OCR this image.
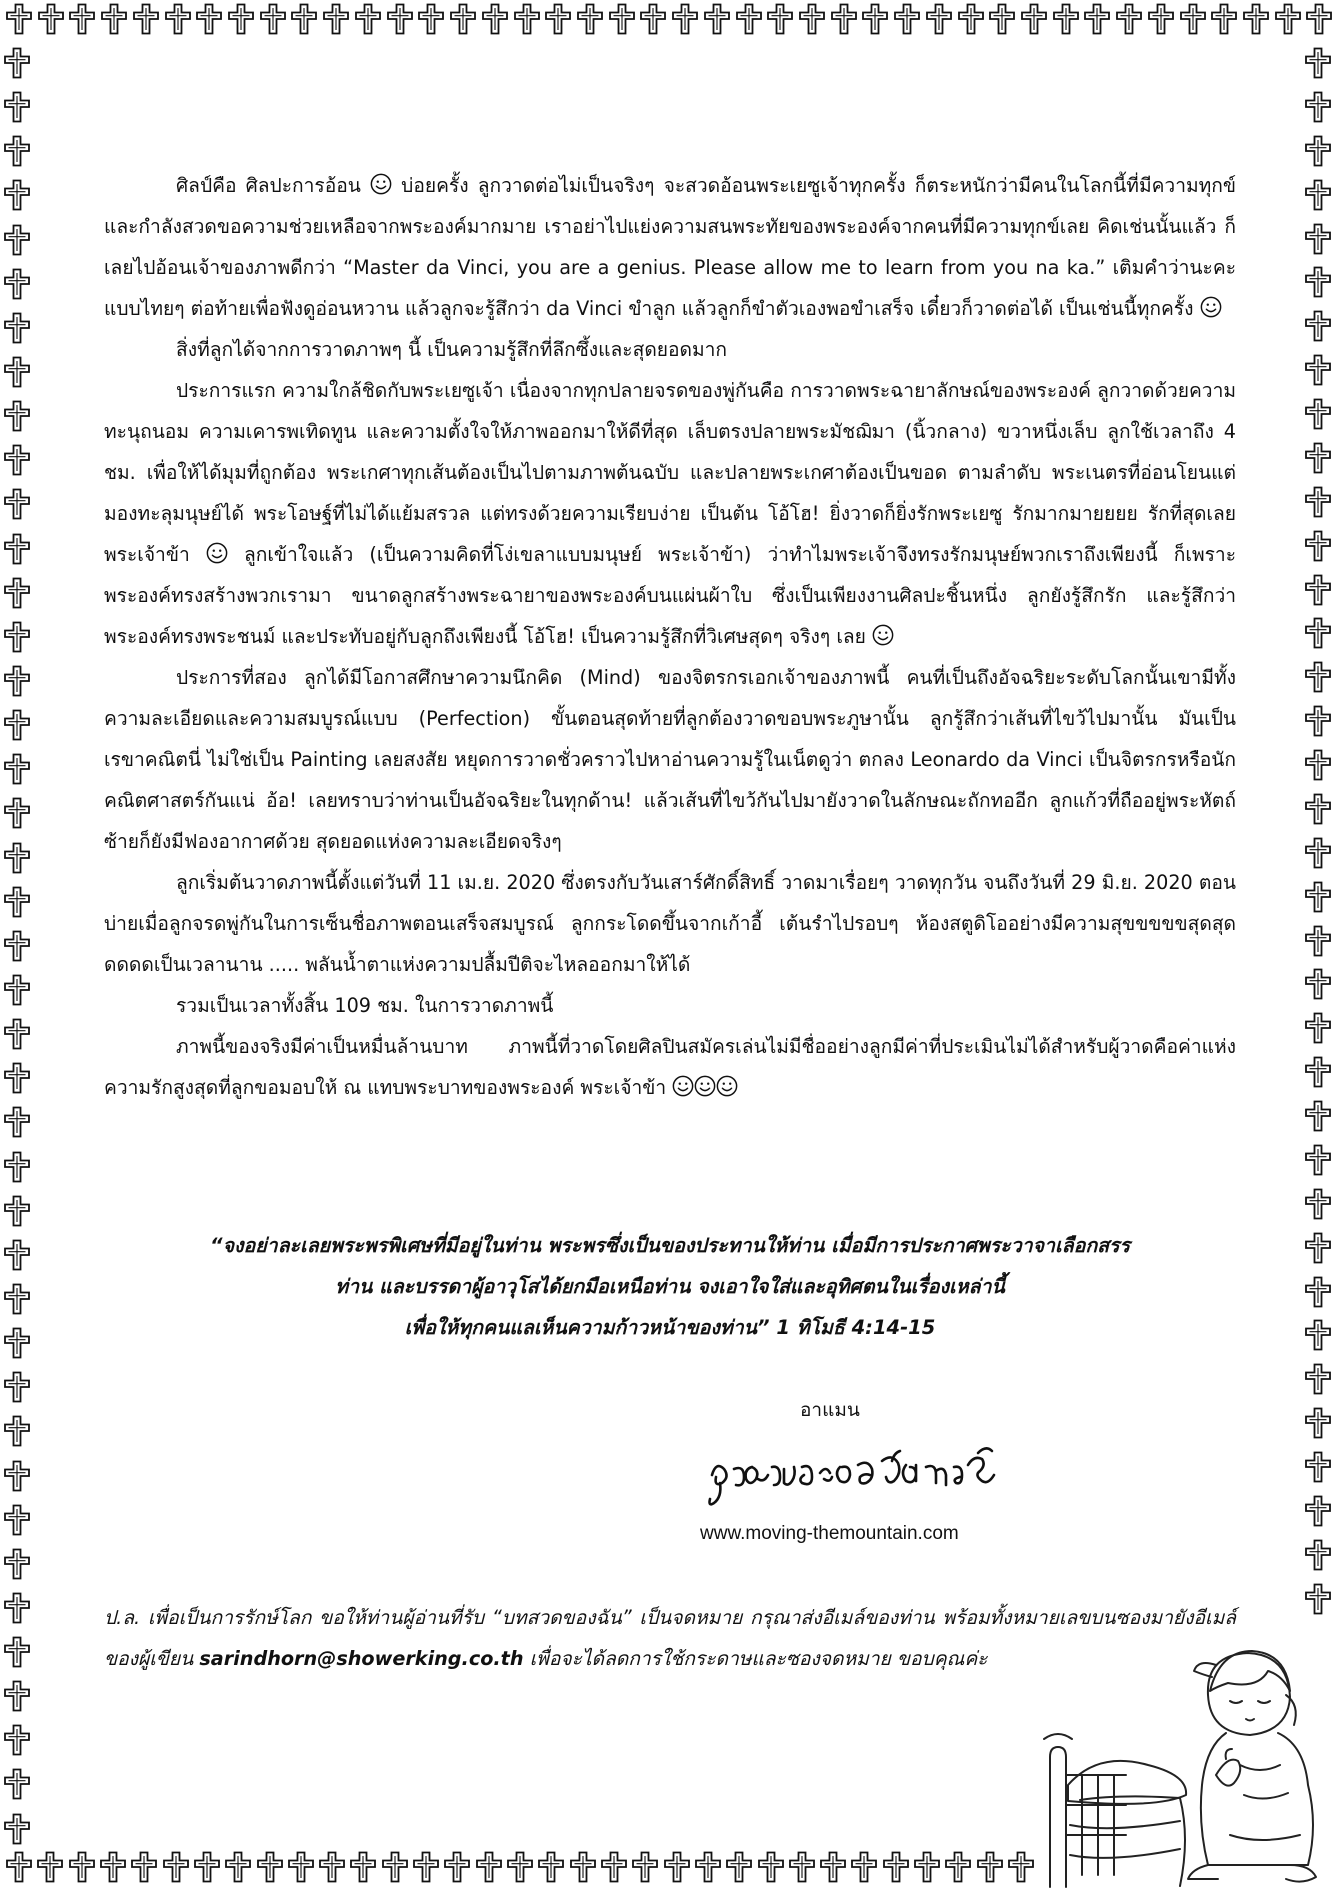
ศิลป์คือ ศิลปะการอ้อน  บ่อยครั้ง ลูกวาดต่อไม่เป็นจริงๆ จะสวดอ้อนพระเยซูเจ้าทุกครั้ง ก็ตระหนักว่ามีคนในโลกนี้ที่มีความทุกข์และกำลังสวดขอความช่วยเหลือจากพระองค์มากมาย เราอย่าไปแย่งความสนพระทัยของพระองค์จากคนที่มีความทุกข์เลย คิดเช่นนั้นแล้ว ก็เลยไปอ้อนเจ้าของภาพดีกว่า “Master da Vinci, you are a genius. Please allow me to learn from you na ka.” เติมคำว่านะคะแบบไทยๆ ต่อท้ายเพื่อฟังดูอ่อนหวาน แล้วลูกจะรู้สึกว่า da Vinci ขำลูก แล้วลูกก็ขำตัวเองพอขำเสร็จ เดี๋ยวก็วาดต่อได้ เป็นเช่นนี้ทุกครั้ง

สิ่งที่ลูกได้จากการวาดภาพๆ นี้ เป็นความรู้สึกที่ลึกซึ้งและสุดยอดมาก

ประการแรก ความใกล้ชิดกับพระเยซูเจ้า เนื่องจากทุกปลายจรดของพู่กันคือ การวาดพระฉายาลักษณ์ของพระองค์ ลูกวาดด้วยความทะนุถนอม ความเคารพเทิดทูน และความตั้งใจให้ภาพออกมาให้ดีที่สุด เล็บตรงปลายพระมัชฌิมา (นิ้วกลาง) ขวาหนึ่งเล็บ ลูกใช้เวลาถึง 4 ชม. เพื่อให้ได้มุมที่ถูกต้อง พระเกศาทุกเส้นต้องเป็นไปตามภาพต้นฉบับ และปลายพระเกศาต้องเป็นขอด ตามลำดับ พระเนตรที่อ่อนโยนแต่มองทะลุมนุษย์ได้ พระโอษฐ์ที่ไม่ได้แย้มสรวล แต่ทรงด้วยความเรียบง่าย เป็นต้น โอ้โฮ! ยิ่งวาดก็ยิ่งรักพระเยซู รักมากมายยยย รักที่สุดเลย พระเจ้าข้า  ลูกเข้าใจแล้ว (เป็นความคิดที่โง่เขลาแบบมนุษย์ พระเจ้าข้า) ว่าทำไมพระเจ้าจึงทรงรักมนุษย์พวกเราถึงเพียงนี้ ก็เพราะพระองค์ทรงสร้างพวกเรามา ขนาดลูกสร้างพระฉายาของพระองค์บนแผ่นผ้าใบ ซึ่งเป็นเพียงงานศิลปะชิ้นหนึ่ง ลูกยังรู้สึกรัก และรู้สึกว่าพระองค์ทรงพระชนม์ และประทับอยู่กับลูกถึงเพียงนี้ โอ้โฮ! เป็นความรู้สึกที่วิเศษสุดๆ จริงๆ เลย

ประการที่สอง ลูกได้มีโอกาสศึกษาความนึกคิด (Mind) ของจิตรกรเอกเจ้าของภาพนี้ คนที่เป็นถึงอัจฉริยะระดับโลกนั้นเขามีทั้งความละเอียดและความสมบูรณ์แบบ (Perfection) ขั้นตอนสุดท้ายที่ลูกต้องวาดขอบพระภูษานั้น ลูกรู้สึกว่าเส้นที่ไขว้ไปมานั้น มันเป็นเรขาคณิตนี่ ไม่ใช่เป็น Painting เลยสงสัย หยุดการวาดชั่วคราวไปหาอ่านความรู้ในเน็ตดูว่า ตกลง Leonardo da Vinci เป็นจิตรกรหรือนักคณิตศาสตร์กันแน่ อ้อ! เลยทราบว่าท่านเป็นอัจฉริยะในทุกด้าน! แล้วเส้นที่ไขว้กันไปมายังวาดในลักษณะถักทออีก ลูกแก้วที่ถืออยู่พระหัตถ์ซ้ายก็ยังมีฟองอากาศด้วย สุดยอดแห่งความละเอียดจริงๆ

ลูกเริ่มต้นวาดภาพนี้ตั้งแต่วันที่ 11 เม.ย. 2020 ซึ่งตรงกับวันเสาร์ศักดิ์สิทธิ์ วาดมาเรื่อยๆ วาดทุกวัน จนถึงวันที่ 29 มิ.ย. 2020 ตอนบ่ายเมื่อลูกจรดพู่กันในการเซ็นชื่อภาพตอนเสร็จสมบูรณ์ ลูกกระโดดขึ้นจากเก้าอี้ เต้นรำไปรอบๆ ห้องสตูดิโออย่างมีความสุขขขขขสุดสุดดดดดเป็นเวลานาน ..... พลันน้ำตาแห่งความปลื้มปีติจะไหลออกมาให้ได้

รวมเป็นเวลาทั้งสิ้น 109 ชม. ในการวาดภาพนี้

ภาพนี้ของจริงมีค่าเป็นหมื่นล้านบาท ภาพนี้ที่วาดโดยศิลปินสมัครเล่นไม่มีชื่ออย่างลูกมีค่าที่ประเมินไม่ได้สำหรับผู้วาดคือค่าแห่งความรักสูงสุดที่ลูกขอมอบให้ ณ แทบพระบาทของพระองค์ พระเจ้าข้า

“จงอย่าละเลยพระพรพิเศษที่มีอยู่ในท่าน พระพรซึ่งเป็นของประทานให้ท่าน เมื่อมีการประกาศพระวาจาเลือกสรร

ท่าน และบรรดาผู้อาวุโสได้ยกมือเหนือท่าน จงเอาใจใส่และอุทิศตนในเรื่องเหล่านี้

เพื่อให้ทุกคนแลเห็นความก้าวหน้าของท่าน” 1 ทิโมธี 4:14-15

อาแมน
www.moving-themountain.com
ป.ล. เพื่อเป็นการรักษ์โลก ขอให้ท่านผู้อ่านที่รับ “บทสวดของฉัน” เป็นจดหมาย กรุณาส่งอีเมล์ของท่าน พร้อมทั้งหมายเลขบนซองมายังอีเมล์ของผู้เขียน sarindhorn@showerking.co.th เพื่อจะได้ลดการใช้กระดาษและซองจดหมาย ขอบคุณค่ะ
